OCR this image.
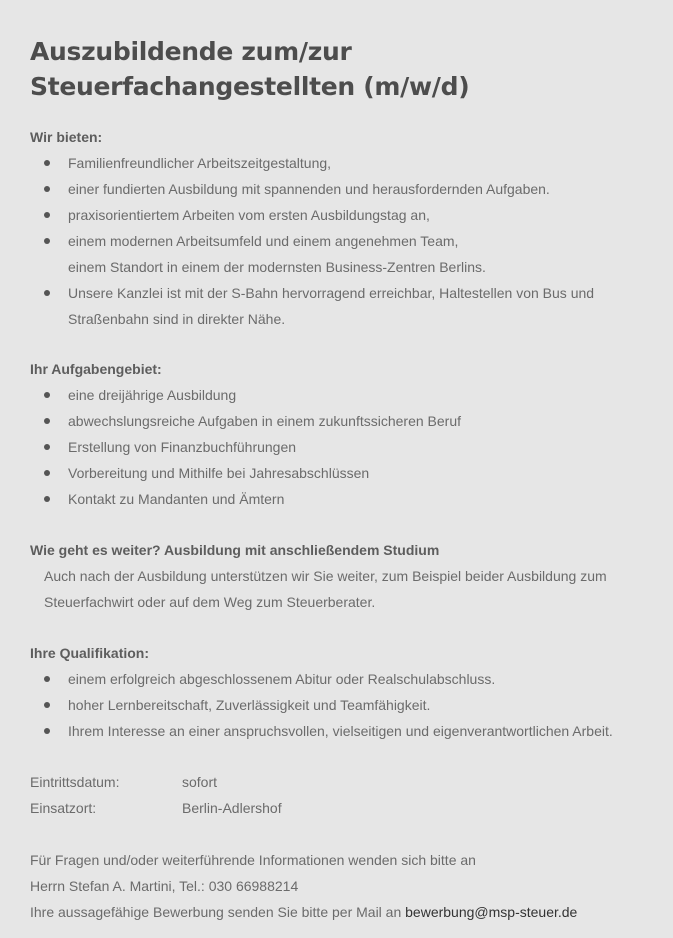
Auszubildende zum/zur Steuerfachangestellten (m/w/d)

Wir bieten:

Familienfreundlicher Arbeitszeitgestaltung,

einer fundierten Ausbildung mit spannenden und herausfordernden Aufgaben.

praxisorientiertem Arbeiten vom ersten Ausbildungstag an,

einem modernen Arbeitsumfeld und einem angenehmen Team,

einem Standort in einem der modernsten Business-Zentren Berlins.

Unsere Kanzlei ist mit der S-Bahn hervorragend erreichbar, Haltestellen von Bus und

Straßenbahn sind in direkter Nähe.

Ihr Aufgabengebiet:

eine dreijährige Ausbildung

abwechslungsreiche Aufgaben in einem zukunftssicheren Beruf

Erstellung von Finanzbuchführungen

Vorbereitung und Mithilfe bei Jahresabschlüssen

Kontakt zu Mandanten und Ämtern

Wie geht es weiter? Ausbildung mit anschließendem Studium

Auch nach der Ausbildung unterstützen wir Sie weiter, zum Beispiel beider Ausbildung zum

Steuerfachwirt oder auf dem Weg zum Steuerberater.

Ihre Qualifikation:

einem erfolgreich abgeschlossenem Abitur oder Realschulabschluss.

hoher Lernbereitschaft, Zuverlässigkeit und Teamfähigkeit.

Ihrem Interesse an einer anspruchsvollen, vielseitigen und eigenverantwortlichen Arbeit.

Eintrittsdatum:	sofort

Einsatzort:	Berlin-Adlershof

Für Fragen und/oder weiterführende Informationen wenden sich bitte an

Herrn Stefan A. Martini, Tel.: 030 66988214

Ihre aussagefähige Bewerbung senden Sie bitte per Mail an bewerbung@msp-steuer.de
